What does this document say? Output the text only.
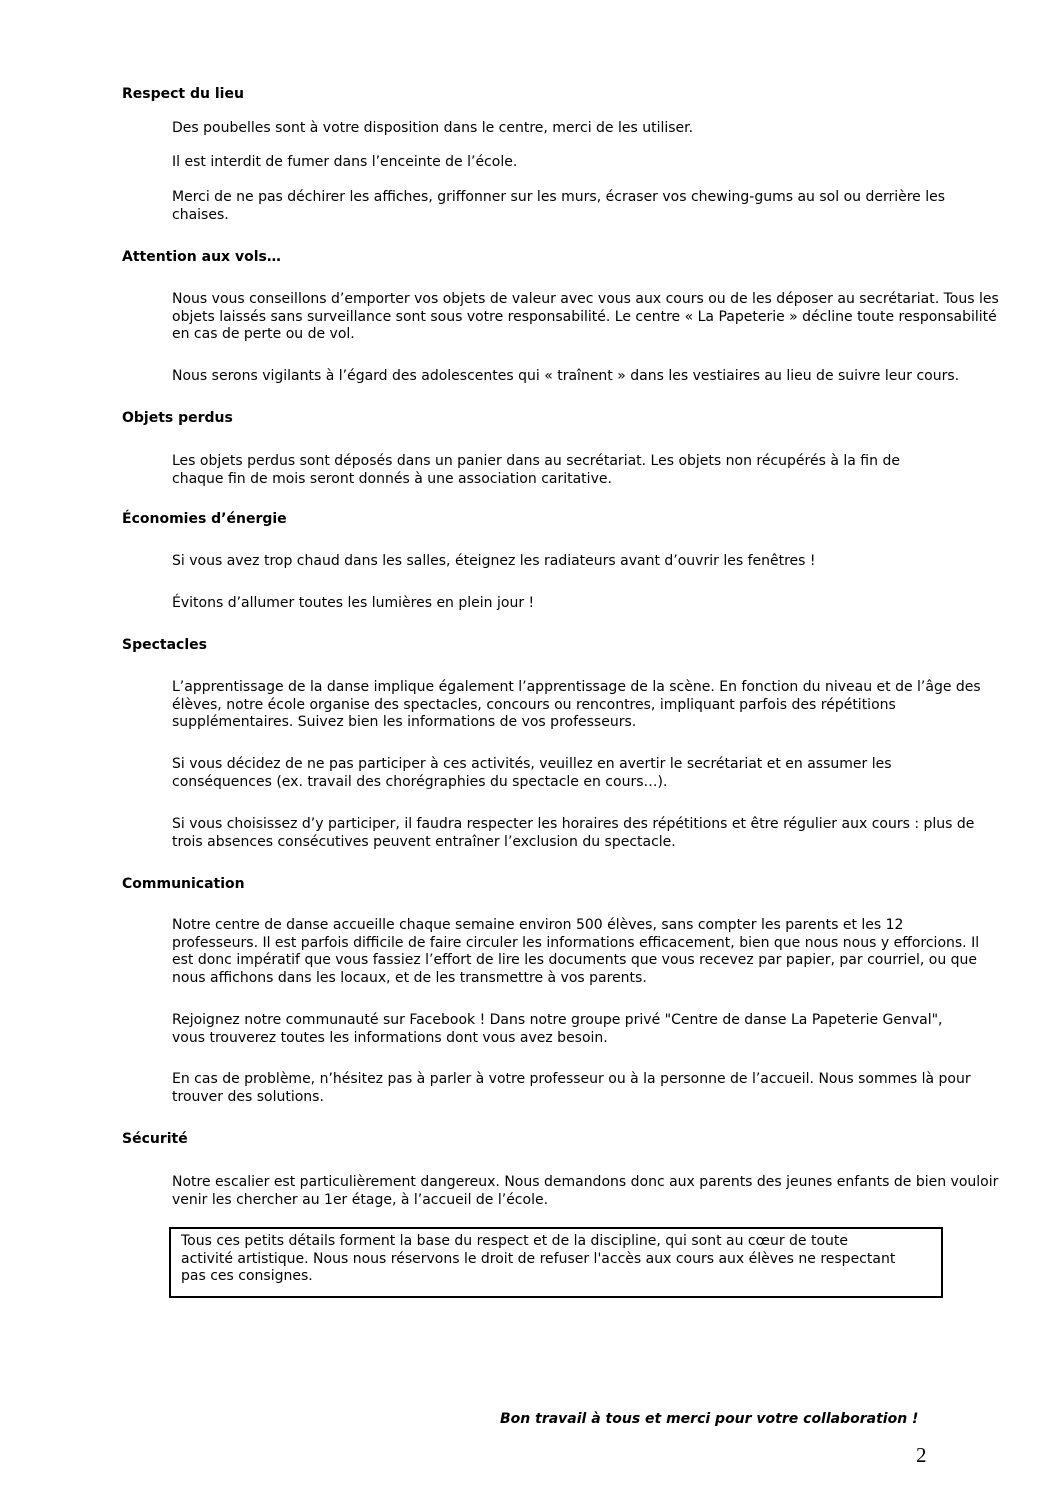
Respect du lieu
Des poubelles sont à votre disposition dans le centre, merci de les utiliser.
Il est interdit de fumer dans l’enceinte de l’école.
Merci de ne pas déchirer les affiches, griffonner sur les murs, écraser vos chewing-gums au sol ou derrière les chaises.
Attention aux vols…
Nous vous conseillons d’emporter vos objets de valeur avec vous aux cours ou de les déposer au secrétariat. Tous les objets laissés sans surveillance sont sous votre responsabilité. Le centre « La Papeterie » décline toute responsabilité en cas de perte ou de vol.
Nous serons vigilants à l’égard des adolescentes qui « traînent » dans les vestiaires au lieu de suivre leur cours.
Objets perdus
Les objets perdus sont déposés dans un panier dans au secrétariat. Les objets non récupérés à la fin de chaque fin de mois seront donnés à une association caritative.
Économies d’énergie
Si vous avez trop chaud dans les salles, éteignez les radiateurs avant d’ouvrir les fenêtres !
Évitons d’allumer toutes les lumières en plein jour !
Spectacles
L’apprentissage de la danse implique également l’apprentissage de la scène. En fonction du niveau et de l’âge des élèves, notre école organise des spectacles, concours ou rencontres, impliquant parfois des répétitions supplémentaires. Suivez bien les informations de vos professeurs.
Si vous décidez de ne pas participer à ces activités, veuillez en avertir le secrétariat et en assumer les conséquences (ex. travail des chorégraphies du spectacle en cours…).
Si vous choisissez d’y participer, il faudra respecter les horaires des répétitions et être régulier aux cours : plus de trois absences consécutives peuvent entraîner l’exclusion du spectacle.
Communication
Notre centre de danse accueille chaque semaine environ 500 élèves, sans compter les parents et les 12 professeurs. Il est parfois difficile de faire circuler les informations efficacement, bien que nous nous y efforcions. Il est donc impératif que vous fassiez l’effort de lire les documents que vous recevez par papier, par courriel, ou que nous affichons dans les locaux, et de les transmettre à vos parents.
Rejoignez notre communauté sur Facebook ! Dans notre groupe privé "Centre de danse La Papeterie Genval", vous trouverez toutes les informations dont vous avez besoin.
En cas de problème, n’hésitez pas à parler à votre professeur ou à la personne de l’accueil. Nous sommes là pour trouver des solutions.
Sécurité
Notre escalier est particulièrement dangereux. Nous demandons donc aux parents des jeunes enfants de bien vouloir venir les chercher au 1er étage, à l’accueil de l’école.
Tous ces petits détails forment la base du respect et de la discipline, qui sont au cœur de toute activité artistique. Nous nous réservons le droit de refuser l'accès aux cours aux élèves ne respectant pas ces consignes.
Bon travail à tous et merci pour votre collaboration !
2
